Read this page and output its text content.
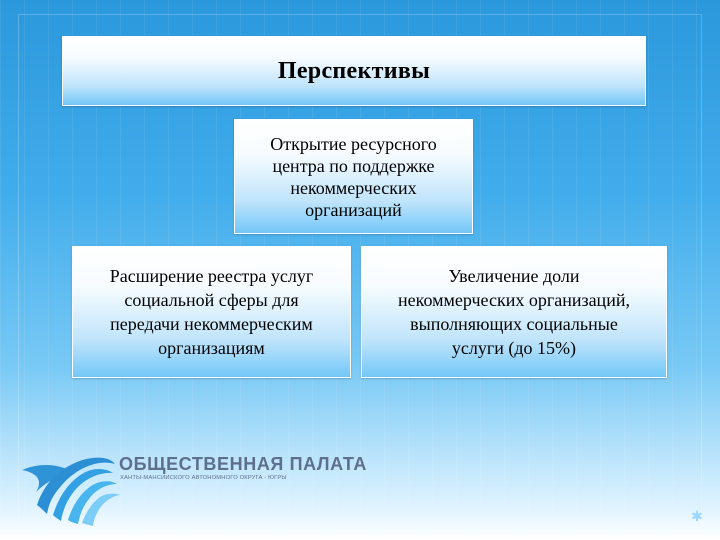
Перспективы
Открытие ресурсного
центра по поддержке
некоммерческих
организаций
Расширение реестра услуг
социальной сферы для
передачи некоммерческим
организациям
Увеличение доли
некоммерческих организаций,
выполняющих социальные
услуги (до 15%)
ОБЩЕСТВЕННАЯ ПАЛАТА
ХАНТЫ-МАНСИЙСКОГО АВТОНОМНОГО ОКРУГА - ЮГРЫ
✱
